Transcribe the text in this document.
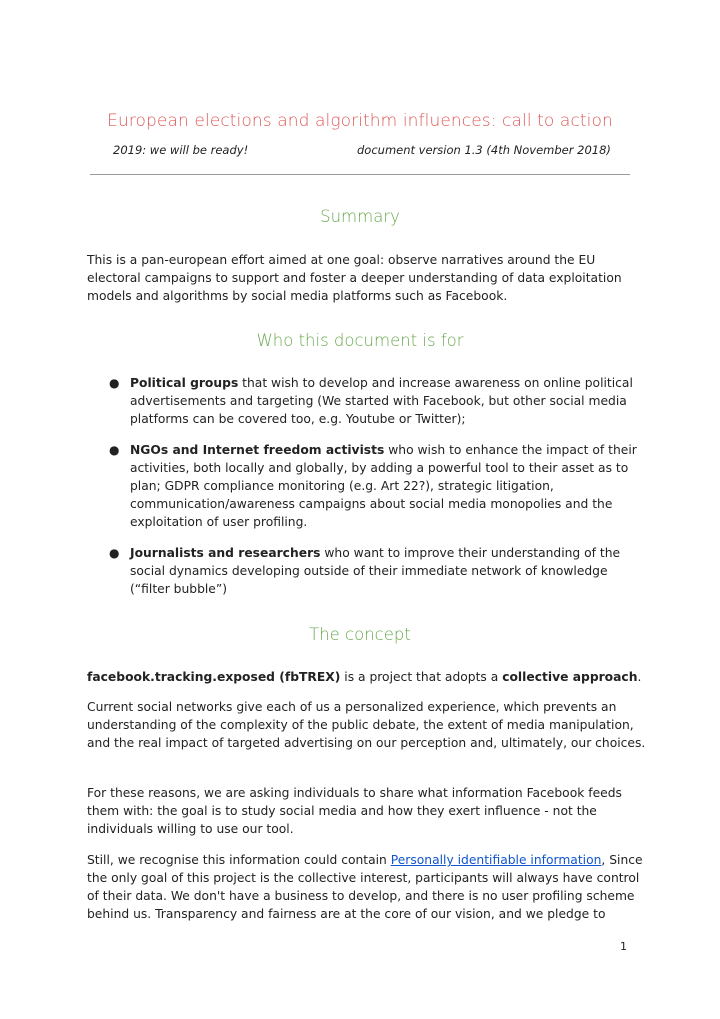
European elections and algorithm influences: call to action
2019: we will be ready!	document version 1.3 (4th November 2018)
Summary
This is a pan-european effort aimed at one goal: observe narratives around the EU electoral campaigns to support and foster a deeper understanding of data exploitation models and algorithms by social media platforms such as Facebook.
Who this document is for
● Political groups that wish to develop and increase awareness on online political advertisements and targeting (We started with Facebook, but other social media platforms can be covered too, e.g. Youtube or Twitter);
● NGOs and Internet freedom activists who wish to enhance the impact of their activities, both locally and globally, by adding a powerful tool to their asset as to plan; GDPR compliance monitoring (e.g. Art 22?), strategic litigation, communication/awareness campaigns about social media monopolies and the exploitation of user profiling.
● Journalists and researchers who want to improve their understanding of the social dynamics developing outside of their immediate network of knowledge (“filter bubble”)
The concept
facebook.tracking.exposed (fbTREX) is a project that adopts a collective approach.
Current social networks give each of us a personalized experience, which prevents an understanding of the complexity of the public debate, the extent of media manipulation, and the real impact of targeted advertising on our perception and, ultimately, our choices.
For these reasons, we are asking individuals to share what information Facebook feeds them with: the goal is to study social media and how they exert influence - not the individuals willing to use our tool.
Still, we recognise this information could contain Personally identifiable information, Since the only goal of this project is the collective interest, participants will always have control of their data. We don't have a business to develop, and there is no user profiling scheme behind us. Transparency and fairness are at the core of our vision, and we pledge to
1
